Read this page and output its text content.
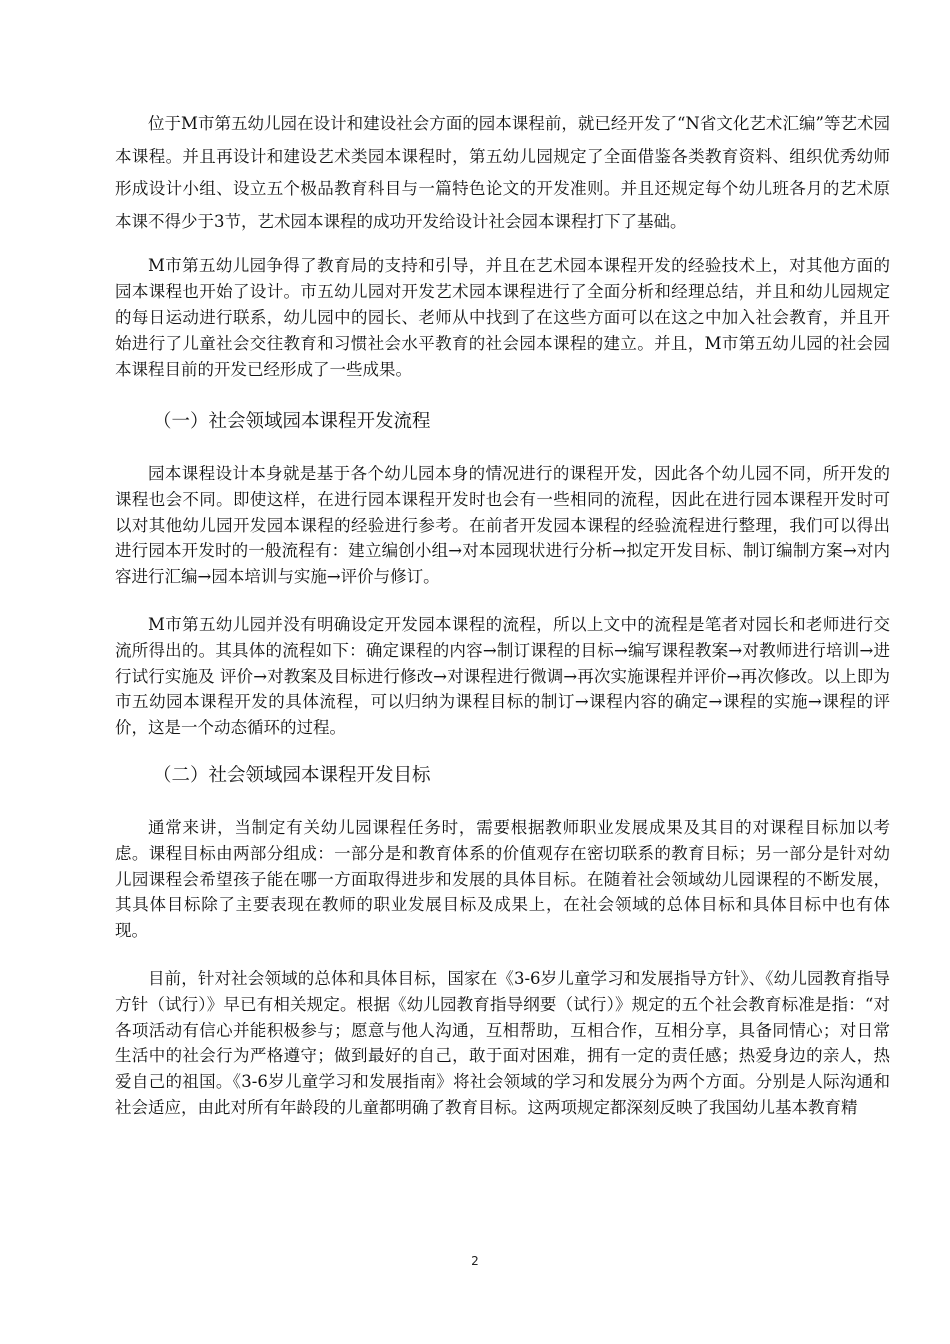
位于M市第五幼儿园在设计和建设社会方面的园本课程前，就已经开发了“N省文化艺术汇编”等艺术园本课程。并且再设计和建设艺术类园本课程时，第五幼儿园规定了全面借鉴各类教育资料、组织优秀幼师形成设计小组、设立五个极品教育科目与一篇特色论文的开发准则。并且还规定每个幼儿班各月的艺术原本课不得少于3节，艺术园本课程的成功开发给设计社会园本课程打下了基础。

M市第五幼儿园争得了教育局的支持和引导，并且在艺术园本课程开发的经验技术上，对其他方面的园本课程也开始了设计。市五幼儿园对开发艺术园本课程进行了全面分析和经理总结，并且和幼儿园规定的每日运动进行联系，幼儿园中的园长、老师从中找到了在这些方面可以在这之中加入社会教育，并且开始进行了儿童社会交往教育和习惯社会水平教育的社会园本课程的建立。并且，M市第五幼儿园的社会园本课程目前的开发已经形成了一些成果。

（一）社会领域园本课程开发流程

园本课程设计本身就是基于各个幼儿园本身的情况进行的课程开发，因此各个幼儿园不同，所开发的课程也会不同。即使这样，在进行园本课程开发时也会有一些相同的流程，因此在进行园本课程开发时可以对其他幼儿园开发园本课程的经验进行参考。在前者开发园本课程的经验流程进行整理，我们可以得出进行园本开发时的一般流程有：建立编创小组→对本园现状进行分析→拟定开发目标、制订编制方案→对内容进行汇编→园本培训与实施→评价与修订。

M市第五幼儿园并没有明确设定开发园本课程的流程，所以上文中的流程是笔者对园长和老师进行交流所得出的。其具体的流程如下：确定课程的内容→制订课程的目标→编写课程教案→对教师进行培训→进行试行实施及 评价→对教案及目标进行修改→对课程进行微调→再次实施课程并评价→再次修改。以上即为市五幼园本课程开发的具体流程，可以归纳为课程目标的制订→课程内容的确定→课程的实施→课程的评价，这是一个动态循环的过程。

（二）社会领域园本课程开发目标

通常来讲，当制定有关幼儿园课程任务时，需要根据教师职业发展成果及其目的对课程目标加以考虑。课程目标由两部分组成：一部分是和教育体系的价值观存在密切联系的教育目标；另一部分是针对幼儿园课程会希望孩子能在哪一方面取得进步和发展的具体目标。在随着社会领域幼儿园课程的不断发展，其具体目标除了主要表现在教师的职业发展目标及成果上，在社会领域的总体目标和具体目标中也有体现。

目前，针对社会领域的总体和具体目标，国家在《3-6岁儿童学习和发展指导方针》、《幼儿园教育指导方针（试行）》早已有相关规定。根据《幼儿园教育指导纲要（试行）》规定的五个社会教育标准是指：“对各项活动有信心并能积极参与；愿意与他人沟通，互相帮助，互相合作，互相分享，具备同情心；对日常生活中的社会行为严格遵守；做到最好的自己，敢于面对困难，拥有一定的责任感；热爱身边的亲人，热爱自己的祖国。《3-6岁儿童学习和发展指南》将社会领域的学习和发展分为两个方面。分别是人际沟通和社会适应，由此对所有年龄段的儿童都明确了教育目标。这两项规定都深刻反映了我国幼儿基本教育精

2
